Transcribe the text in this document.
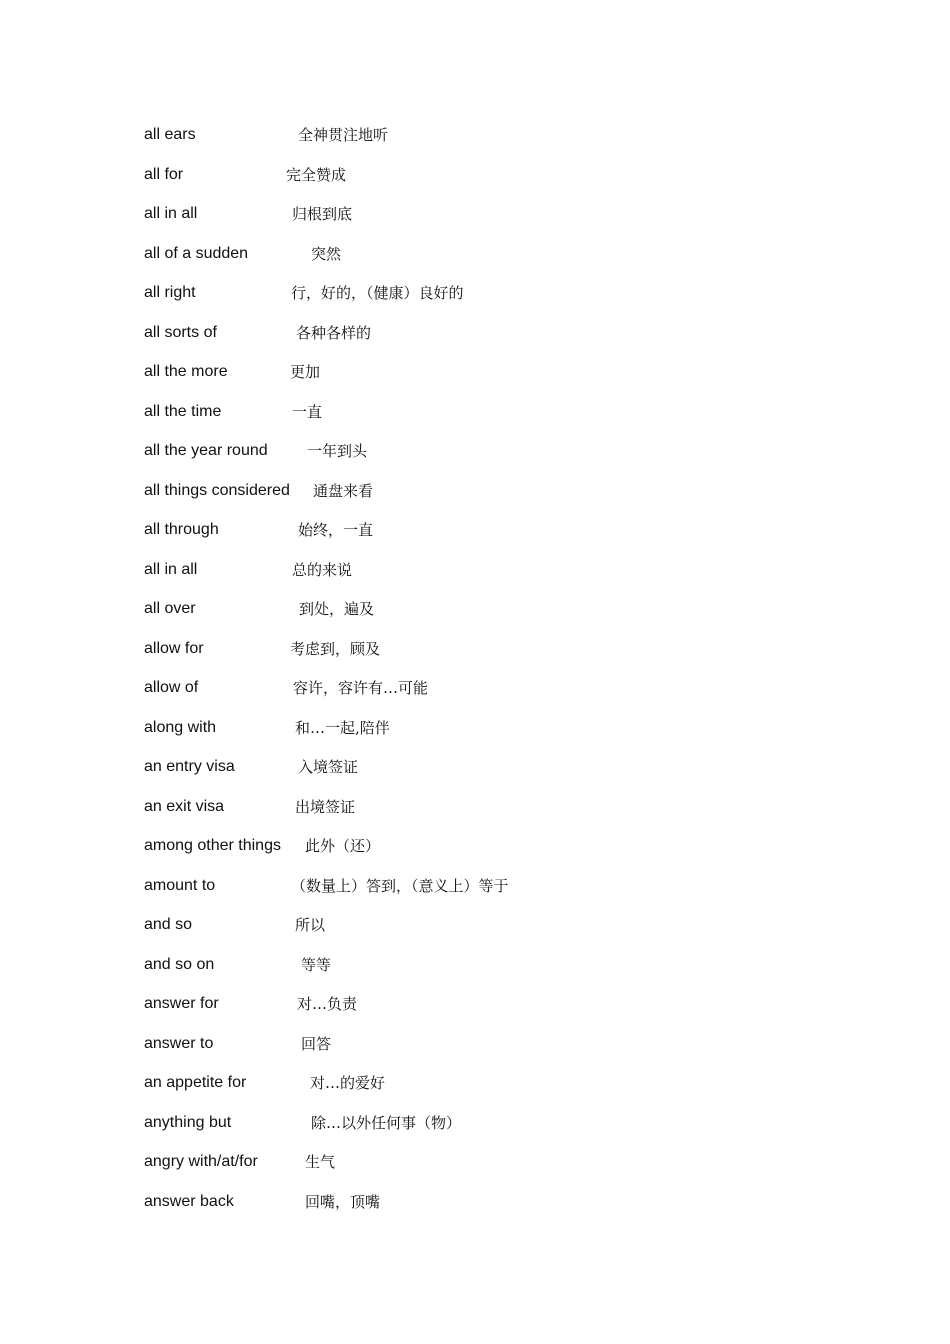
all ears	全神贯注地听
all for	完全赞成
all in all	归根到底
all of a sudden	突然
all right	行，好的，（健康）良好的
all sorts of	各种各样的
all the more	更加
all the time	一直
all the year round	一年到头
all things considered 通盘来看
all through	始终，一直
all in all	总的来说
all over	到处，遍及
allow for	考虑到，顾及
allow of	容许，容许有…可能
along with	和…一起,陪伴
an entry visa	入境签证
an exit visa	出境签证
among other things 此外（还）
amount to	（数量上）答到，（意义上）等于
and so	所以
and so on	等等
answer for	对…负责
answer to	回答
an appetite for	对…的爱好
anything but	除…以外任何事（物）
angry with/at/for	生气
answer back	回嘴，顶嘴
